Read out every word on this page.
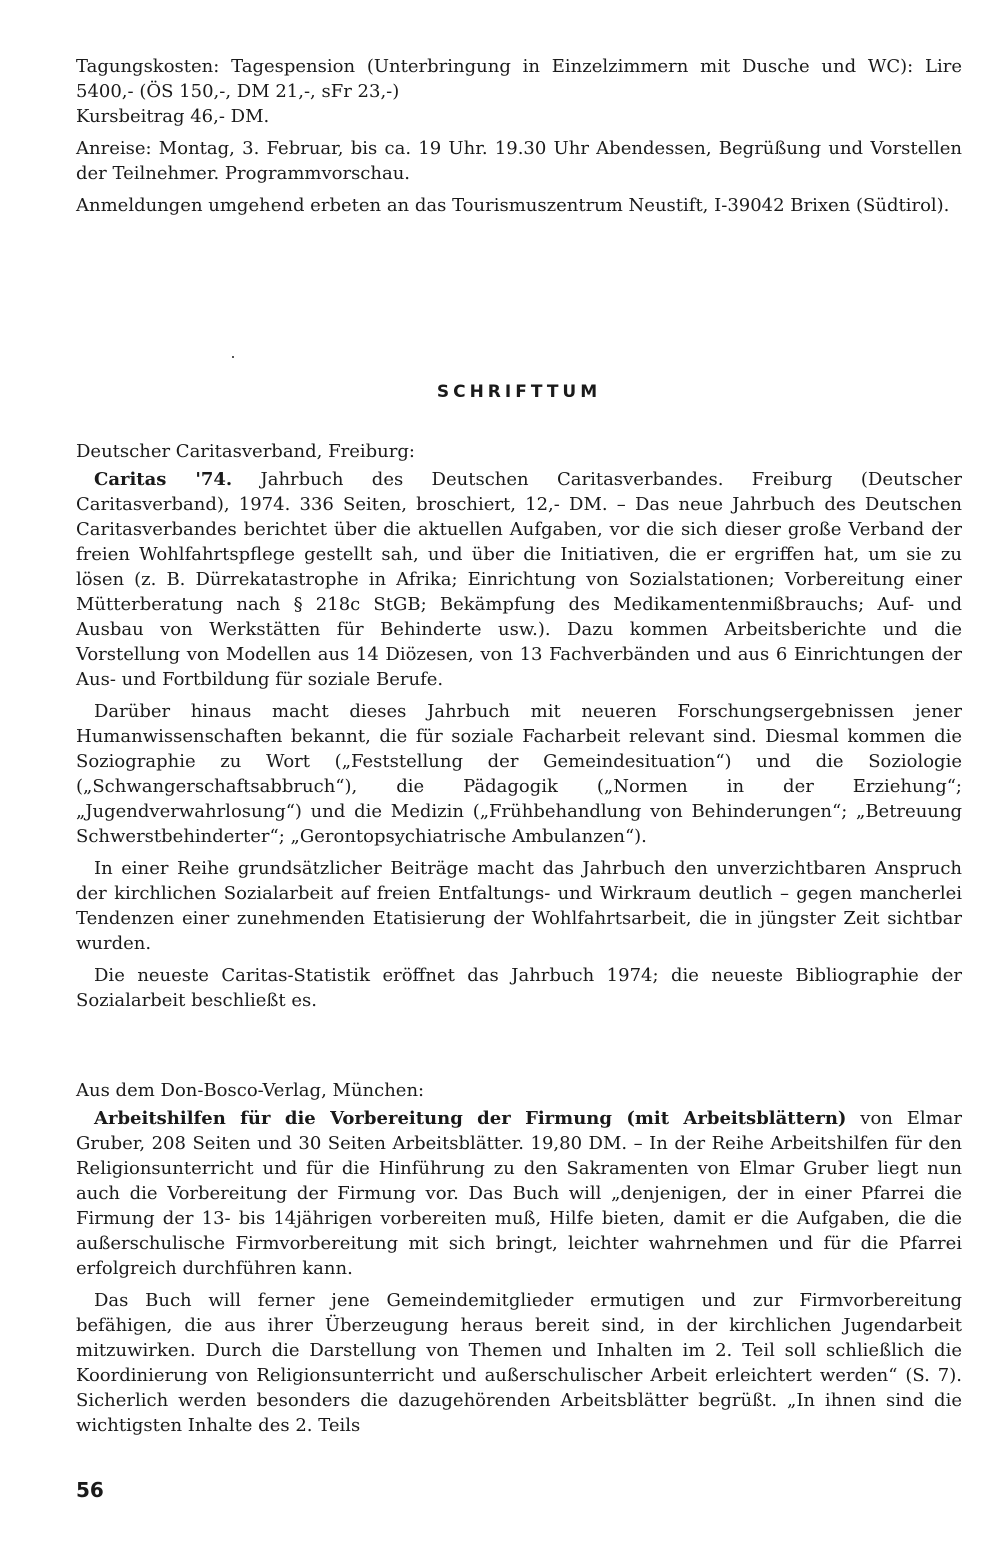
Tagungskosten: Tagespension (Unterbringung in Einzelzimmern mit Dusche und WC): Lire 5400,- (ÖS 150,-, DM 21,-, sFr 23,-)
Kursbeitrag 46,- DM.

Anreise: Montag, 3. Februar, bis ca. 19 Uhr. 19.30 Uhr Abendessen, Begrüßung und Vorstellen der Teilnehmer. Programmvorschau.

Anmeldungen umgehend erbeten an das Tourismuszentrum Neustift, I-39042 Brixen (Südtirol).

SCHRIFTTUM

Deutscher Caritasverband, Freiburg:

Caritas '74. Jahrbuch des Deutschen Caritasverbandes. Freiburg (Deutscher Caritasverband), 1974. 336 Seiten, broschiert, 12,- DM. – Das neue Jahrbuch des Deutschen Caritasverbandes berichtet über die aktuellen Aufgaben, vor die sich dieser große Verband der freien Wohlfahrtspflege gestellt sah, und über die Initiativen, die er ergriffen hat, um sie zu lösen (z. B. Dürrekatastrophe in Afrika; Einrichtung von Sozialstationen; Vorbereitung einer Mütterberatung nach § 218c StGB; Bekämpfung des Medikamentenmißbrauchs; Auf- und Ausbau von Werkstätten für Behinderte usw.). Dazu kommen Arbeitsberichte und die Vorstellung von Modellen aus 14 Diözesen, von 13 Fachverbänden und aus 6 Einrichtungen der Aus- und Fortbildung für soziale Berufe.

Darüber hinaus macht dieses Jahrbuch mit neueren Forschungsergebnissen jener Humanwissenschaften bekannt, die für soziale Facharbeit relevant sind. Diesmal kommen die Soziographie zu Wort („Feststellung der Gemeindesituation“) und die Soziologie („Schwangerschaftsabbruch“), die Pädagogik („Normen in der Erziehung“; „Jugendverwahrlosung“) und die Medizin („Frühbehandlung von Behinderungen“; „Betreuung Schwerstbehinderter“; „Gerontopsychiatrische Ambulanzen“).

In einer Reihe grundsätzlicher Beiträge macht das Jahrbuch den unverzichtbaren Anspruch der kirchlichen Sozialarbeit auf freien Entfaltungs- und Wirkraum deutlich – gegen mancherlei Tendenzen einer zunehmenden Etatisierung der Wohlfahrtsarbeit, die in jüngster Zeit sichtbar wurden.

Die neueste Caritas-Statistik eröffnet das Jahrbuch 1974; die neueste Bibliographie der Sozialarbeit beschließt es.

Aus dem Don-Bosco-Verlag, München:

Arbeitshilfen für die Vorbereitung der Firmung (mit Arbeitsblättern) von Elmar Gruber, 208 Seiten und 30 Seiten Arbeitsblätter. 19,80 DM. – In der Reihe Arbeitshilfen für den Religionsunterricht und für die Hinführung zu den Sakramenten von Elmar Gruber liegt nun auch die Vorbereitung der Firmung vor. Das Buch will „denjenigen, der in einer Pfarrei die Firmung der 13- bis 14jährigen vorbereiten muß, Hilfe bieten, damit er die Aufgaben, die die außerschulische Firmvorbereitung mit sich bringt, leichter wahrnehmen und für die Pfarrei erfolgreich durchführen kann.

Das Buch will ferner jene Gemeindemitglieder ermutigen und zur Firmvorbereitung befähigen, die aus ihrer Überzeugung heraus bereit sind, in der kirchlichen Jugendarbeit mitzuwirken. Durch die Darstellung von Themen und Inhalten im 2. Teil soll schließlich die Koordinierung von Religionsunterricht und außerschulischer Arbeit erleichtert werden“ (S. 7). Sicherlich werden besonders die dazugehörenden Arbeitsblätter begrüßt. „In ihnen sind die wichtigsten Inhalte des 2. Teils

56
